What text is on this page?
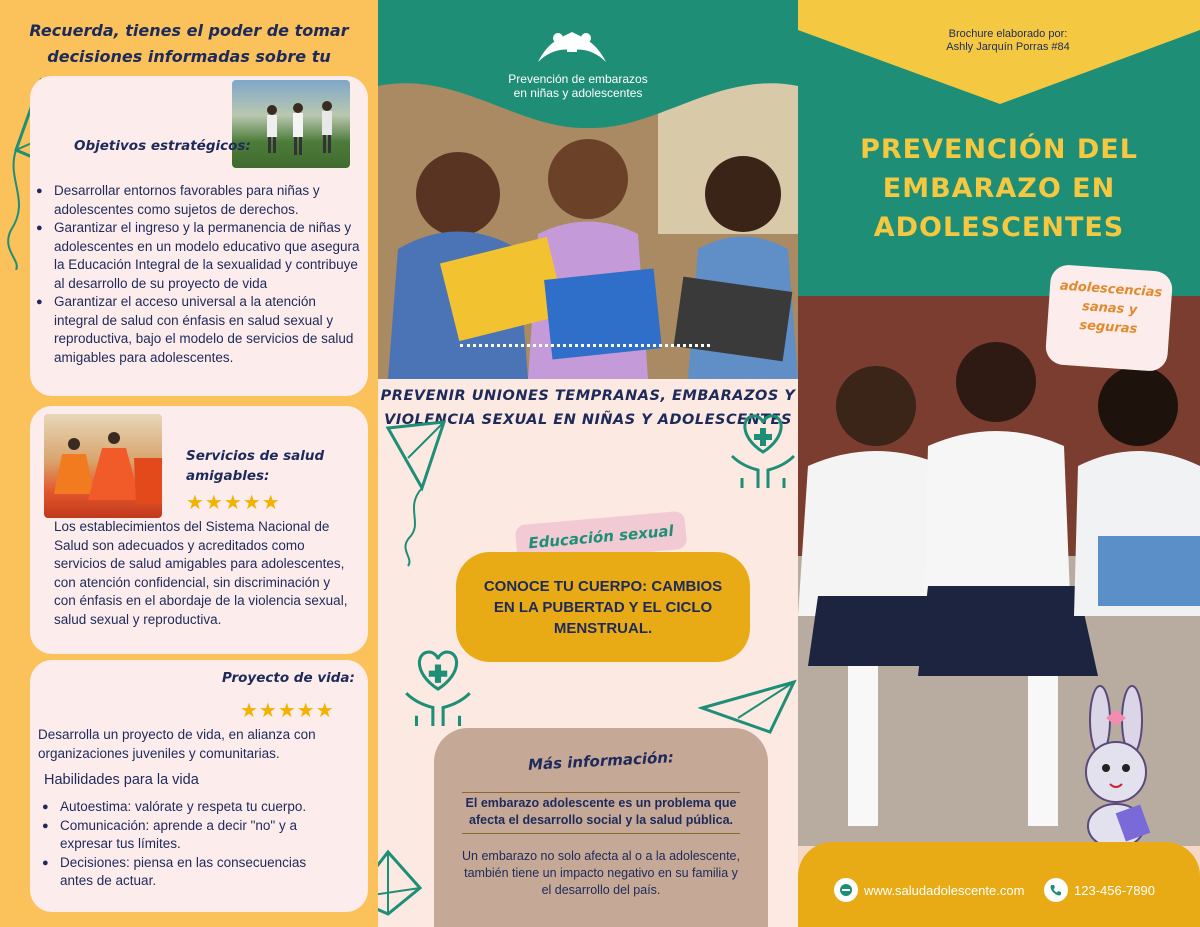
Recuerda, tienes el poder de tomar decisiones informadas sobre tu
Objetivos estratégicos:
● Desarrollar entornos favorables para niñas y adolescentes como sujetos de derechos.
● Garantizar el ingreso y la permanencia de niñas y adolescentes en un modelo educativo que asegura la Educación Integral de la sexualidad y contribuye al desarrollo de su proyecto de vida
● Garantizar el acceso universal a la atención integral de salud con énfasis en salud sexual y reproductiva, bajo el modelo de servicios de salud amigables para adolescentes.
Servicios de salud amigables:
★★★★★
Los establecimientos del Sistema Nacional de Salud son adecuados y acreditados como servicios de salud amigables para adolescentes, con atención confidencial, sin discriminación y con énfasis en el abordaje de la violencia sexual, salud sexual y reproductiva.
Proyecto de vida:
★★★★★
Desarrolla un proyecto de vida, en alianza con organizaciones juveniles y comunitarias.
Habilidades para la vida
● Autoestima: valórate y respeta tu cuerpo.
● Comunicación: aprende a decir "no" y a expresar tus límites.
● Decisiones: piensa en las consecuencias antes de actuar.
Prevención de embarazos
en niñas y adolescentes
PREVENIR UNIONES TEMPRANAS, EMBARAZOS Y VIOLENCIA SEXUAL EN NIÑAS Y ADOLESCENTES
Educación sexual
CONOCE TU CUERPO: CAMBIOS EN LA PUBERTAD Y EL CICLO MENSTRUAL.
Más información:
El embarazo adolescente es un problema que afecta el desarrollo social y la salud pública.
Un embarazo no solo afecta al o a la adolescente, también tiene un impacto negativo en su familia y el desarrollo del país.
Brochure elaborado por:
Ashly Jarquín Porras #84
PREVENCIÓN DEL
EMBARAZO EN
ADOLESCENTES
adolescencias
sanas y
seguras
www.saludadolescente.com	123-456-7890
